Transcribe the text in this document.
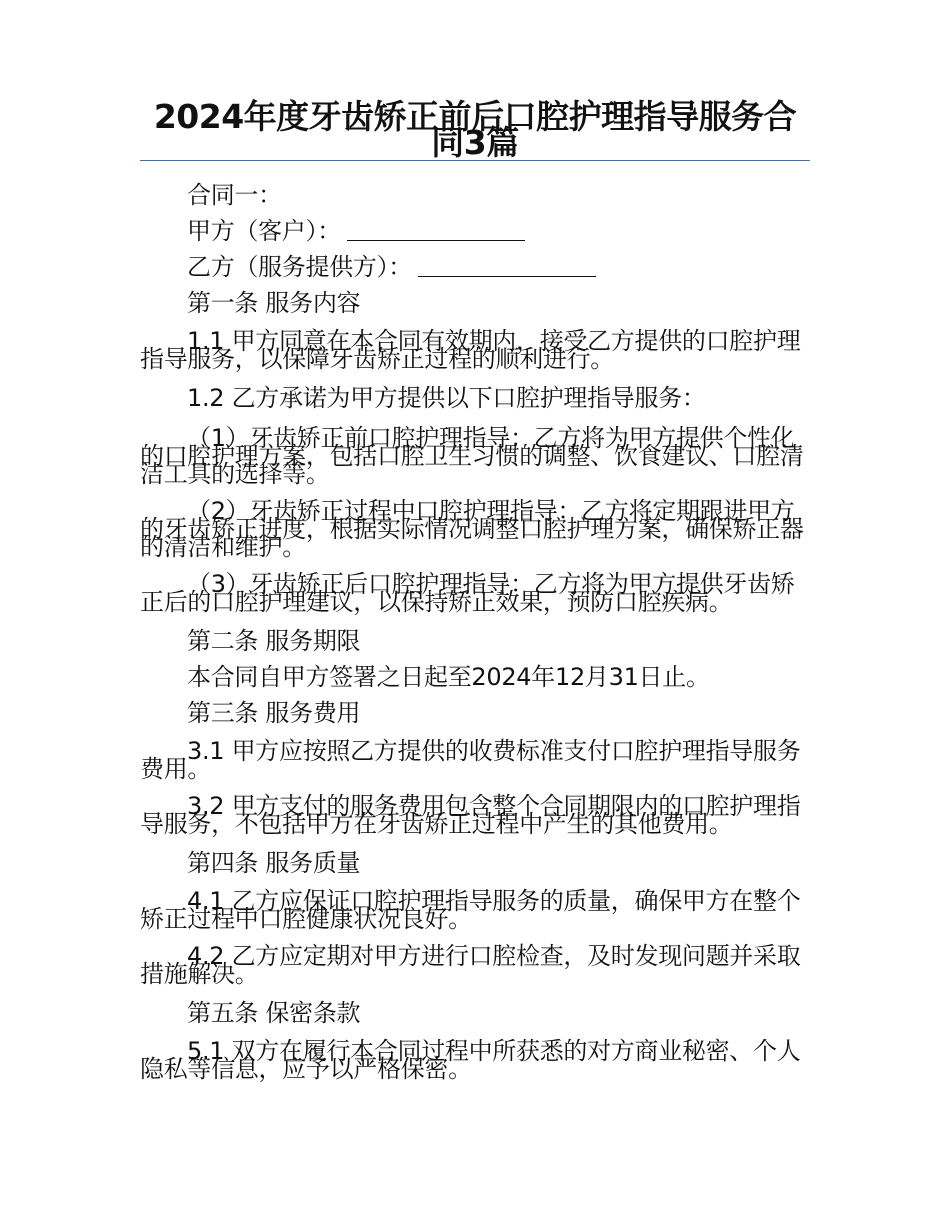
2024年度牙齿矫正前后口腔护理指导服务合同3篇
合同一：
甲方（客户）：
乙方（服务提供方）：
第一条 服务内容
1.1 甲方同意在本合同有效期内，接受乙方提供的口腔护理指导服务，以保障牙齿矫正过程的顺利进行。
1.2 乙方承诺为甲方提供以下口腔护理指导服务：
（1）牙齿矫正前口腔护理指导：乙方将为甲方提供个性化的口腔护理方案，包括口腔卫生习惯的调整、饮食建议、口腔清洁工具的选择等。
（2）牙齿矫正过程中口腔护理指导：乙方将定期跟进甲方的牙齿矫正进度，根据实际情况调整口腔护理方案，确保矫正器的清洁和维护。
（3）牙齿矫正后口腔护理指导：乙方将为甲方提供牙齿矫正后的口腔护理建议，以保持矫正效果，预防口腔疾病。
第二条 服务期限
本合同自甲方签署之日起至2024年12月31日止。
第三条 服务费用
3.1 甲方应按照乙方提供的收费标准支付口腔护理指导服务费用。
3.2 甲方支付的服务费用包含整个合同期限内的口腔护理指导服务，不包括甲方在牙齿矫正过程中产生的其他费用。
第四条 服务质量
4.1 乙方应保证口腔护理指导服务的质量，确保甲方在整个矫正过程中口腔健康状况良好。
4.2 乙方应定期对甲方进行口腔检查，及时发现问题并采取措施解决。
第五条 保密条款
5.1 双方在履行本合同过程中所获悉的对方商业秘密、个人隐私等信息，应予以严格保密。
